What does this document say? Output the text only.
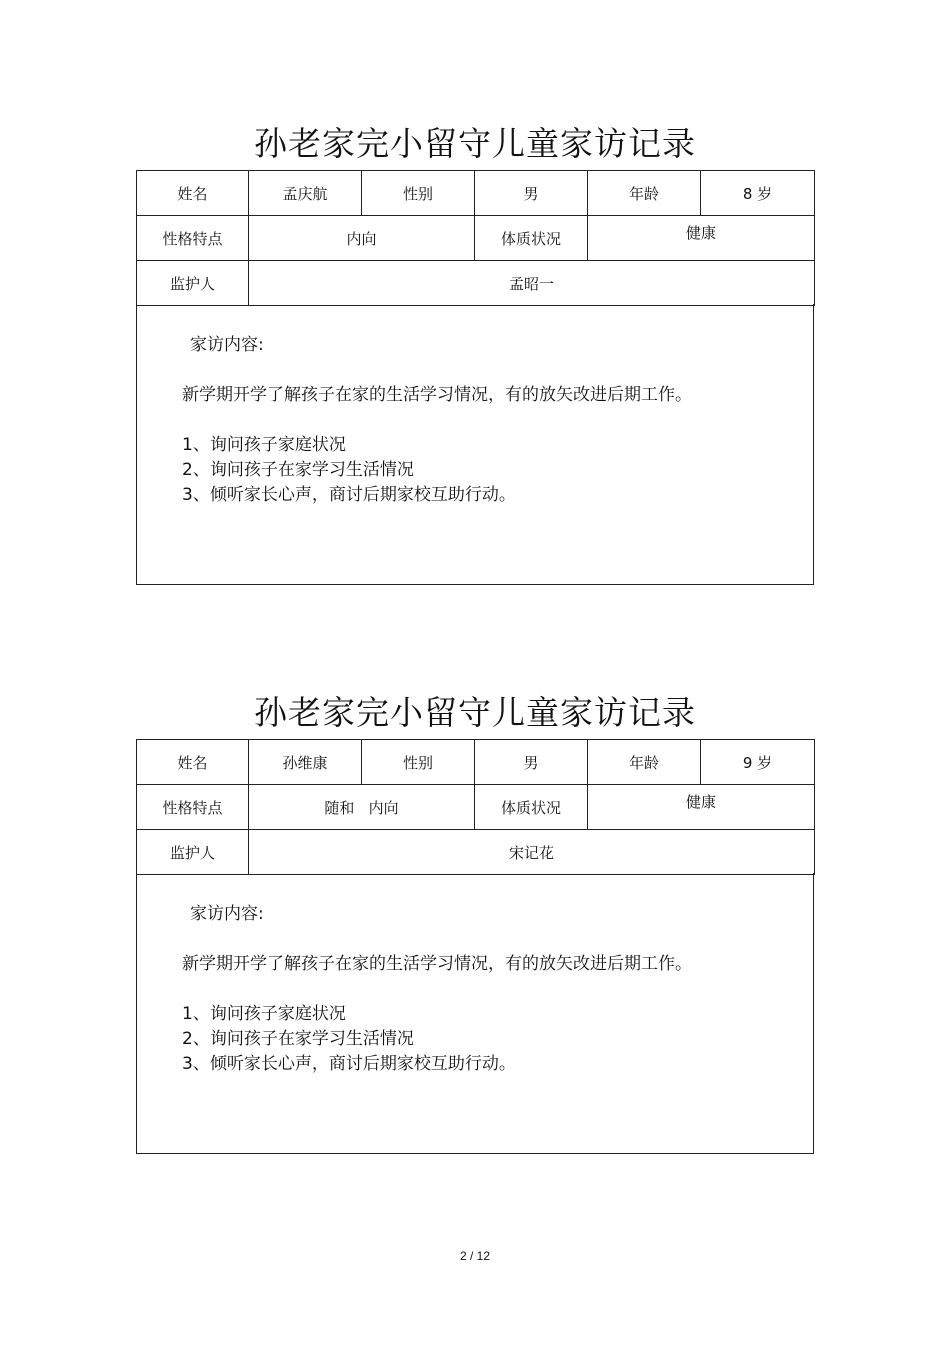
孙老家完小留守儿童家访记录
姓名	孟庆航	性别	男	年龄	8 岁
性格特点	内向		体质状况	健康	
监护人	孟昭一				
家访内容:
新学期开学了解孩子在家的生活学习情况，有的放矢改进后期工作。
1、询问孩子家庭状况
2、询问孩子在家学习生活情况
3、倾听家长心声，商讨后期家校互助行动。
孙老家完小留守儿童家访记录
姓名	孙维康	性别	男	年龄	9 岁
性格特点	随和   内向		体质状况	健康	
监护人	宋记花				
家访内容:
新学期开学了解孩子在家的生活学习情况，有的放矢改进后期工作。
1、询问孩子家庭状况
2、询问孩子在家学习生活情况
3、倾听家长心声，商讨后期家校互助行动。
2 / 12
